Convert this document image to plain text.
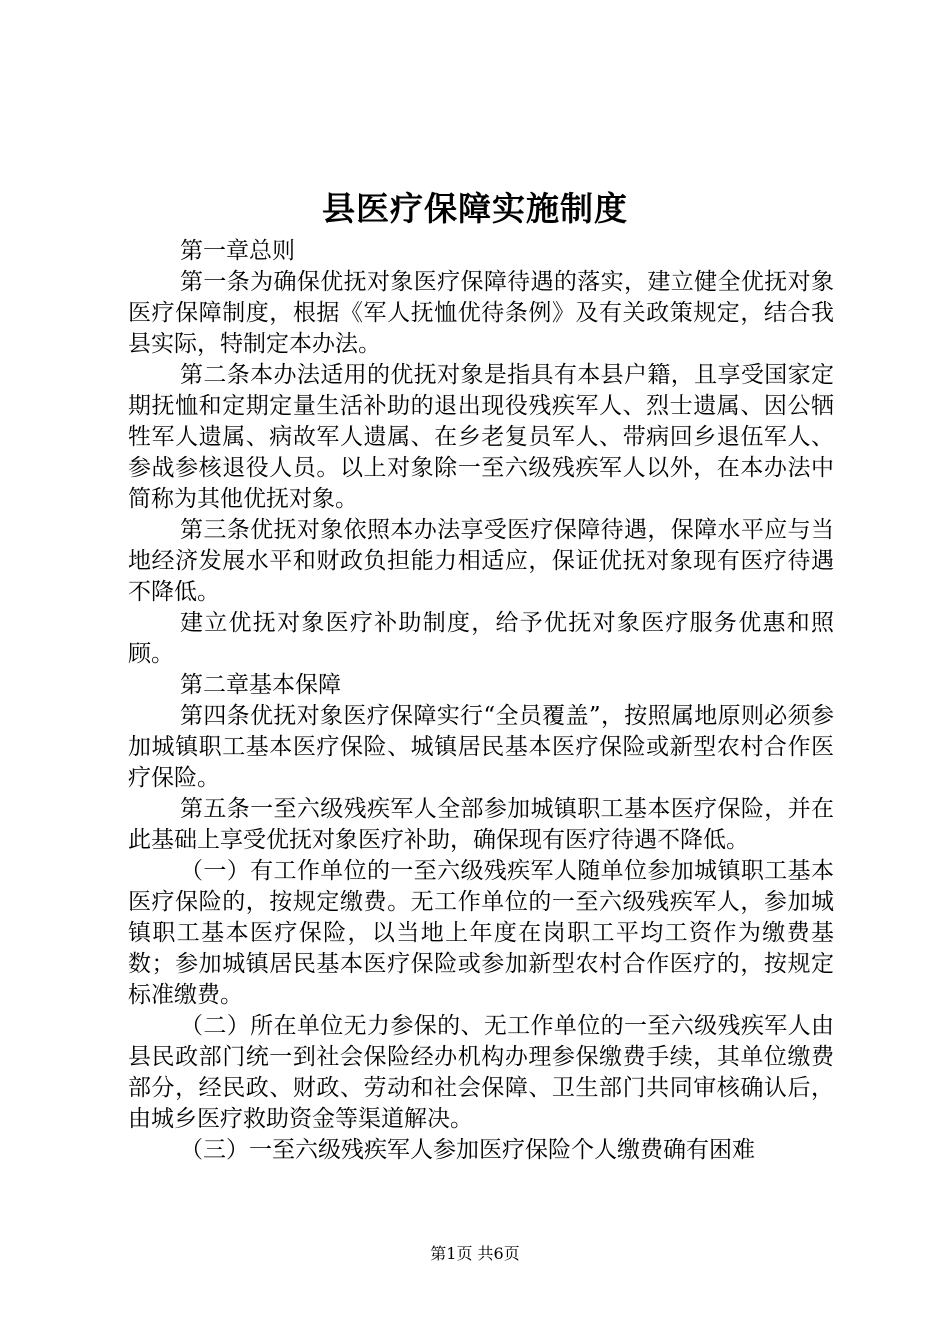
县医疗保障实施制度

第一章总则

第一条为确保优抚对象医疗保障待遇的落实，建立健全优抚对象医疗保障制度，根据《军人抚恤优待条例》及有关政策规定，结合我县实际，特制定本办法。

第二条本办法适用的优抚对象是指具有本县户籍，且享受国家定期抚恤和定期定量生活补助的退出现役残疾军人、烈士遗属、因公牺牲军人遗属、病故军人遗属、在乡老复员军人、带病回乡退伍军人、参战参核退役人员。以上对象除一至六级残疾军人以外，在本办法中简称为其他优抚对象。

第三条优抚对象依照本办法享受医疗保障待遇，保障水平应与当地经济发展水平和财政负担能力相适应，保证优抚对象现有医疗待遇不降低。

建立优抚对象医疗补助制度，给予优抚对象医疗服务优惠和照顾。

第二章基本保障

第四条优抚对象医疗保障实行“全员覆盖”，按照属地原则必须参加城镇职工基本医疗保险、城镇居民基本医疗保险或新型农村合作医疗保险。

第五条一至六级残疾军人全部参加城镇职工基本医疗保险，并在此基础上享受优抚对象医疗补助，确保现有医疗待遇不降低。

（一）有工作单位的一至六级残疾军人随单位参加城镇职工基本医疗保险的，按规定缴费。无工作单位的一至六级残疾军人，参加城镇职工基本医疗保险，以当地上年度在岗职工平均工资作为缴费基数；参加城镇居民基本医疗保险或参加新型农村合作医疗的，按规定标准缴费。

（二）所在单位无力参保的、无工作单位的一至六级残疾军人由县民政部门统一到社会保险经办机构办理参保缴费手续，其单位缴费部分，经民政、财政、劳动和社会保障、卫生部门共同审核确认后，由城乡医疗救助资金等渠道解决。

（三）一至六级残疾军人参加医疗保险个人缴费确有困难

第1页 共6页
